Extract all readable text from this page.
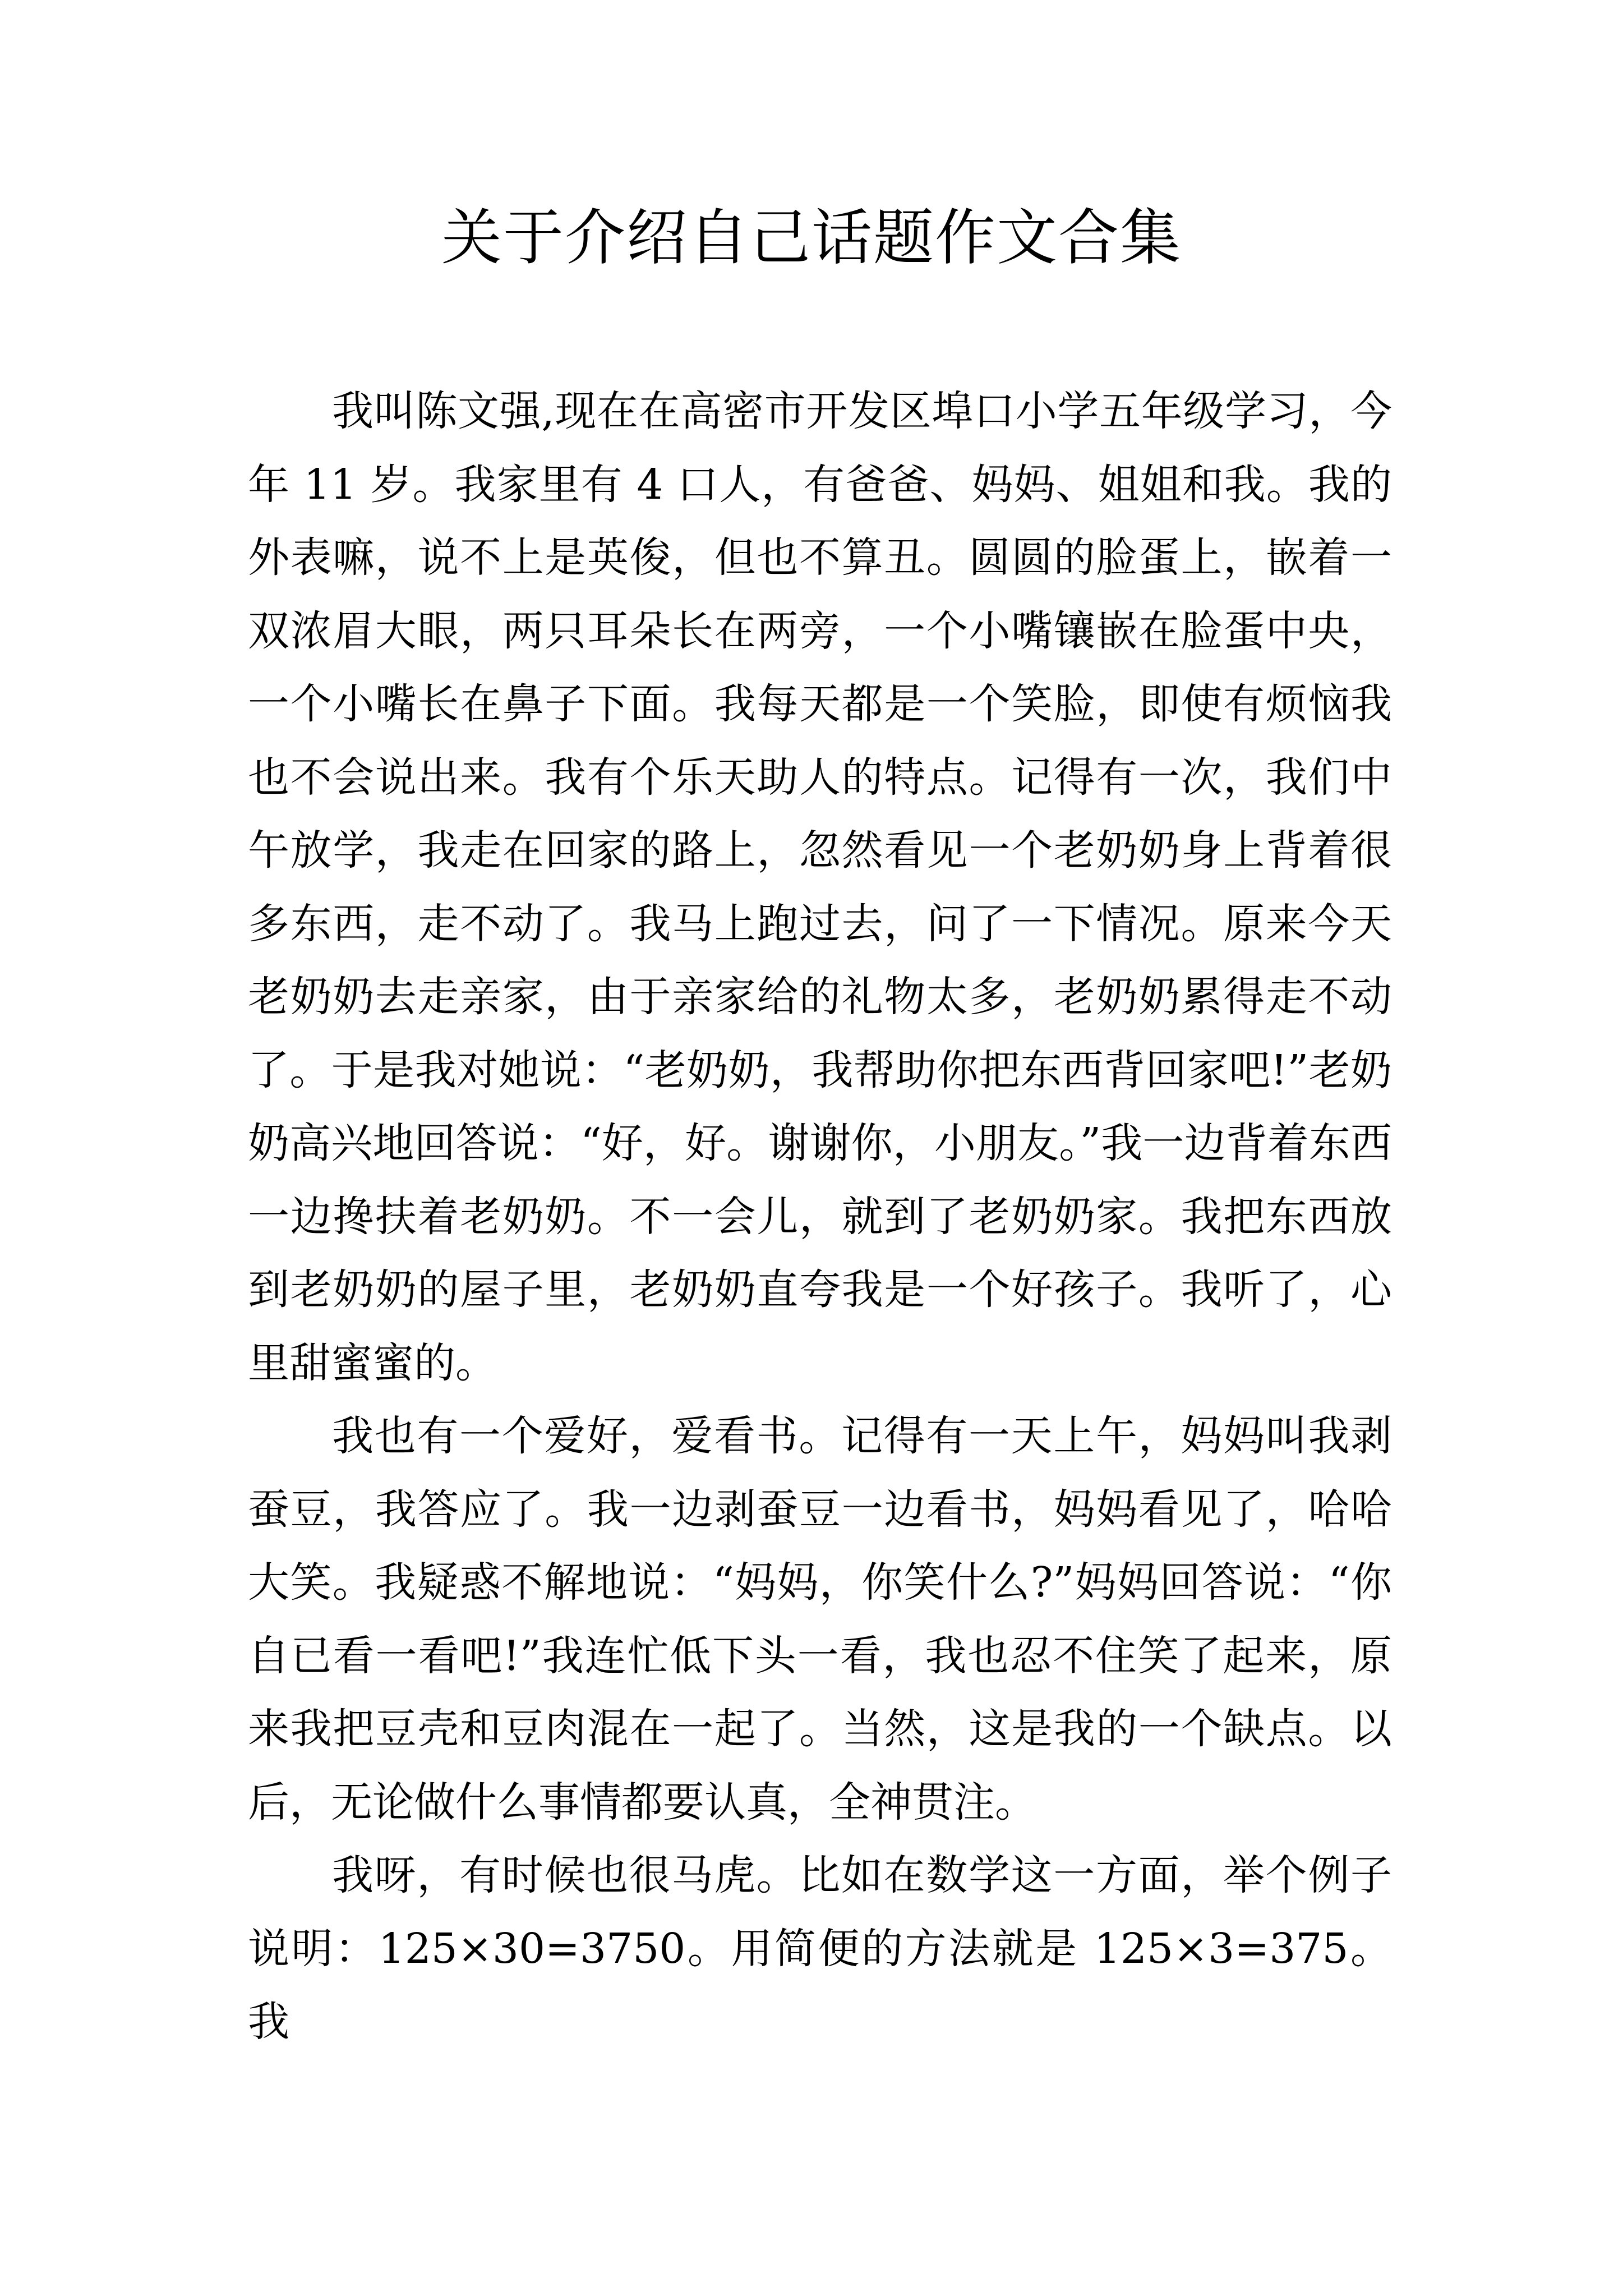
关于介绍自己话题作文合集

我叫陈文强,现在在高密市开发区埠口小学五年级学习，今年 11 岁。我家里有 4 口人，有爸爸、妈妈、姐姐和我。我的外表嘛，说不上是英俊，但也不算丑。圆圆的脸蛋上，嵌着一双浓眉大眼，两只耳朵长在两旁，一个小嘴镶嵌在脸蛋中央，一个小嘴长在鼻子下面。我每天都是一个笑脸，即使有烦恼我也不会说出来。我有个乐天助人的特点。记得有一次，我们中午放学，我走在回家的路上，忽然看见一个老奶奶身上背着很多东西，走不动了。我马上跑过去，问了一下情况。原来今天老奶奶去走亲家，由于亲家给的礼物太多，老奶奶累得走不动了。于是我对她说：“老奶奶，我帮助你把东西背回家吧!”老奶奶高兴地回答说：“好，好。谢谢你，小朋友。”我一边背着东西一边搀扶着老奶奶。不一会儿，就到了老奶奶家。我把东西放到老奶奶的屋子里，老奶奶直夸我是一个好孩子。我听了，心里甜蜜蜜的。

我也有一个爱好，爱看书。记得有一天上午，妈妈叫我剥蚕豆，我答应了。我一边剥蚕豆一边看书，妈妈看见了，哈哈大笑。我疑惑不解地说：“妈妈，你笑什么?”妈妈回答说：“你自已看一看吧!”我连忙低下头一看，我也忍不住笑了起来，原来我把豆壳和豆肉混在一起了。当然，这是我的一个缺点。以后，无论做什么事情都要认真，全神贯注。

我呀，有时候也很马虎。比如在数学这一方面，举个例子说明：125×30=3750。用简便的方法就是 125×3=375。我
